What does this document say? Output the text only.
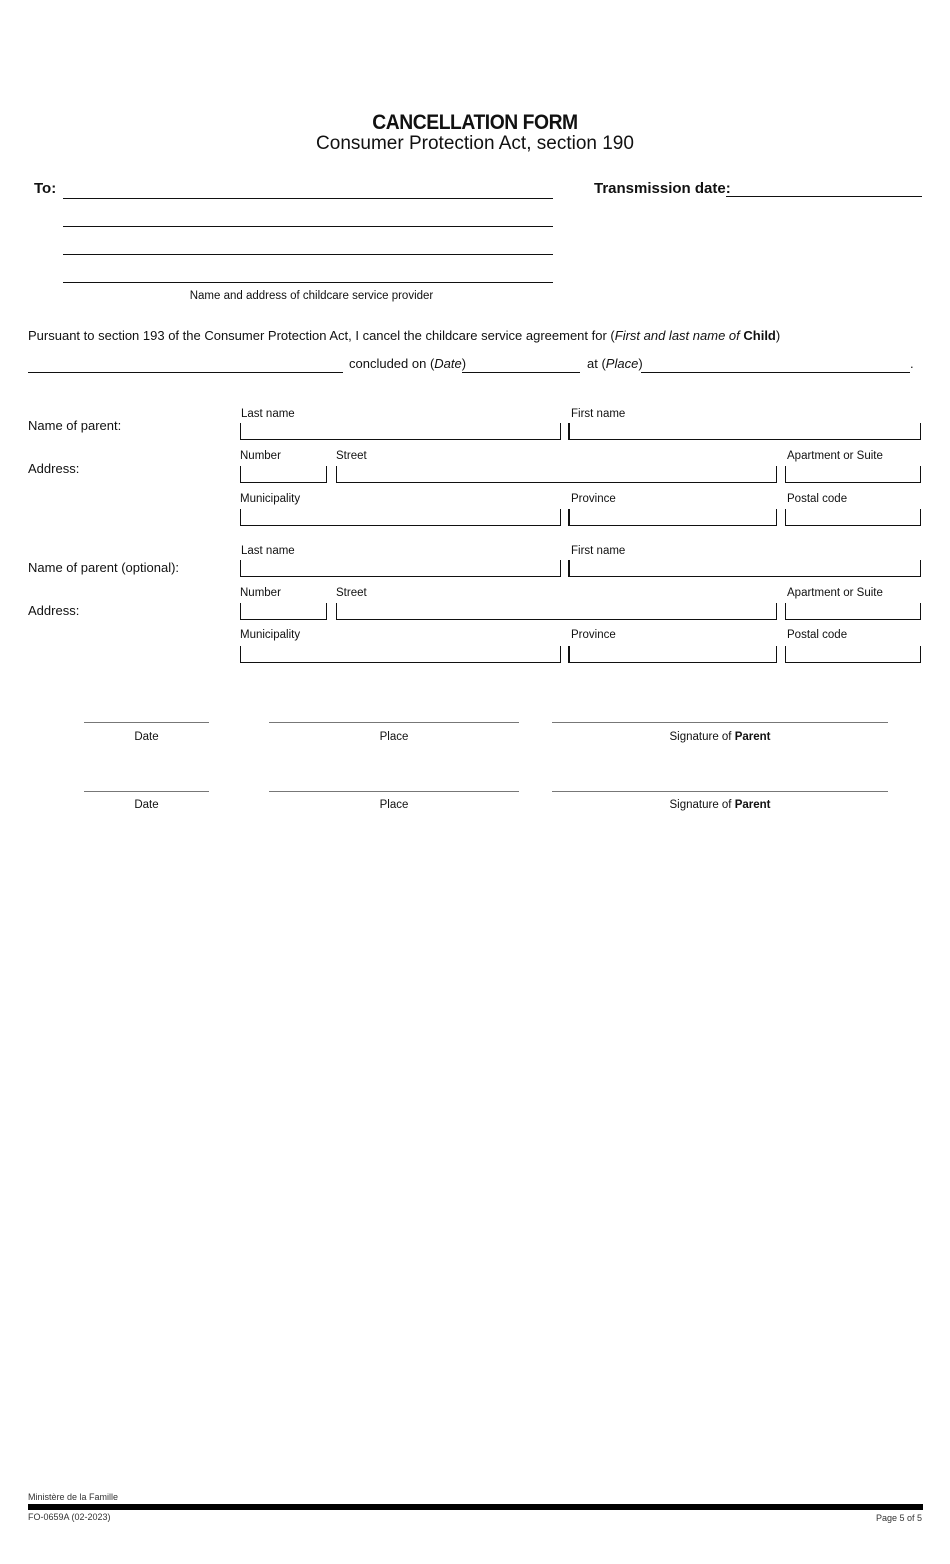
CANCELLATION FORM
Consumer Protection Act, section 190
To:
Name and address of childcare service provider
Transmission date:
Pursuant to section 193 of the Consumer Protection Act, I cancel the childcare service agreement for (First and last name of Child)
concluded on (Date)	at (Place)	.
Name of parent:
Last name	First name
Address:
Number	Street	Apartment or Suite
Municipality	Province	Postal code
Name of parent (optional):
Last name	First name
Address:
Number	Street	Apartment or Suite
Municipality	Province	Postal code
Date	Place	Signature of Parent
Date	Place	Signature of Parent
Ministère de la Famille
FO-0659A (02-2023)	Page 5 of 5
